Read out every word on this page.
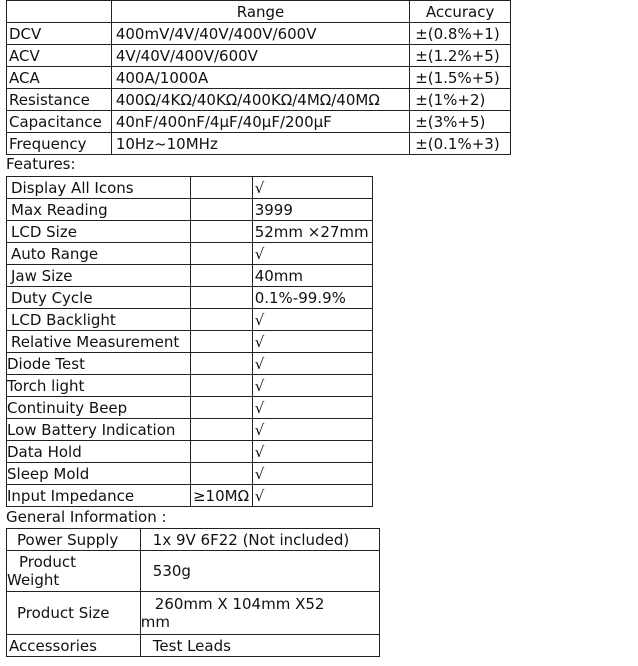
	Range	Accuracy
DCV	400mV/4V/40V/400V/600V	±(0.8%+1)
ACV	4V/40V/400V/600V	±(1.2%+5)
ACA	400A/1000A	±(1.5%+5)
Resistance	400Ω/4KΩ/40KΩ/400KΩ/4MΩ/40MΩ	±(1%+2)
Capacitance	40nF/400nF/4μF/40μF/200μF	±(3%+5)
Frequency	10Hz~10MHz	±(0.1%+3)
Features:
Display All Icons		√
Max Reading		3999
LCD Size		52mm ×27mm
Auto Range		√
Jaw Size		40mm
Duty Cycle		0.1%-99.9%
LCD Backlight		√
Relative Measurement		√
Diode Test		√
Torch light		√
Continuity Beep		√
Low Battery Indication		√
Data Hold		√
Sleep Mold		√
Input Impedance	≥10MΩ	√
General Information :
Power Supply	1x 9V 6F22 (Not included)

Product
Weight	530g
Product Size	260mm X 104mm X52
mm

Accessories	Test Leads
